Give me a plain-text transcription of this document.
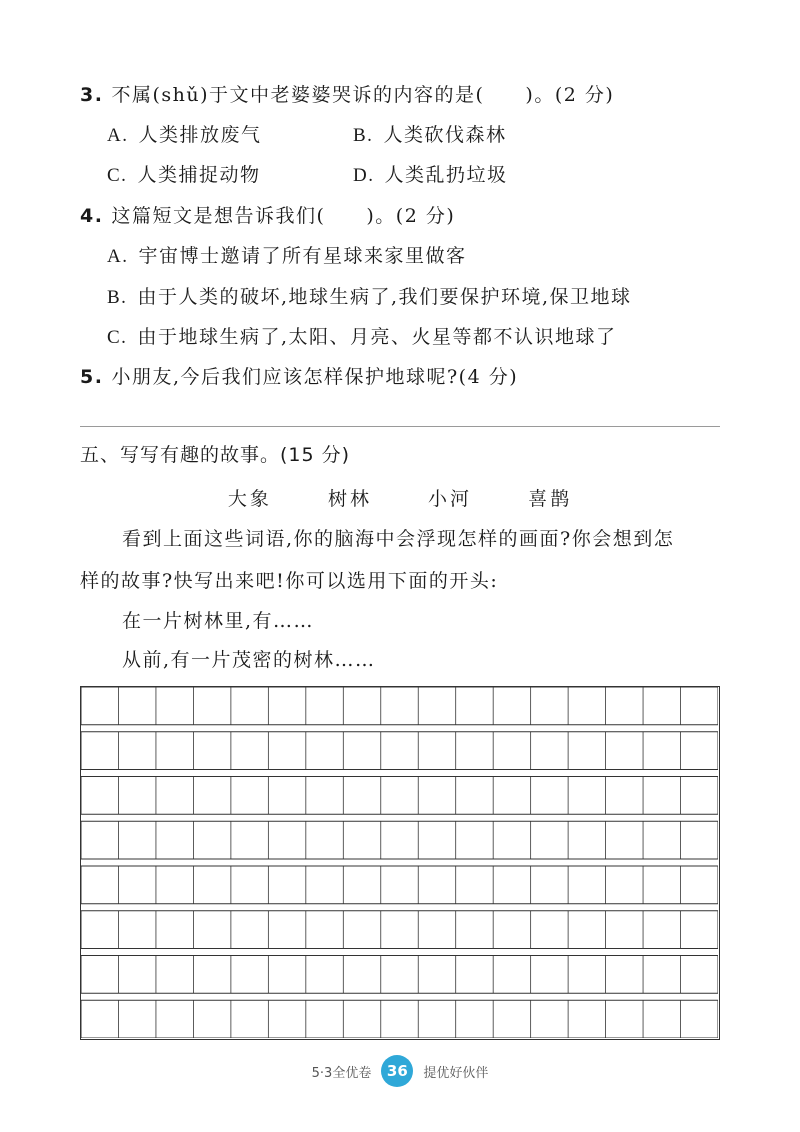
3. 不属(shǔ)于文中老婆婆哭诉的内容的是(　　)。(2 分)
A. 人类排放废气	B. 人类砍伐森林
C. 人类捕捉动物	D. 人类乱扔垃圾
4. 这篇短文是想告诉我们(　　)。(2 分)
A. 宇宙博士邀请了所有星球来家里做客
B. 由于人类的破坏,地球生病了,我们要保护环境,保卫地球
C. 由于地球生病了,太阳、月亮、火星等都不认识地球了
5. 小朋友,今后我们应该怎样保护地球呢?(4 分)
五、写写有趣的故事。(15 分)
大象	树林	小河	喜鹊
看到上面这些词语,你的脑海中会浮现怎样的画面?你会想到怎
样的故事?快写出来吧!你可以选用下面的开头:
在一片树林里,有……
从前,有一片茂密的树林……
5·3全优卷	36	提优好伙伴
